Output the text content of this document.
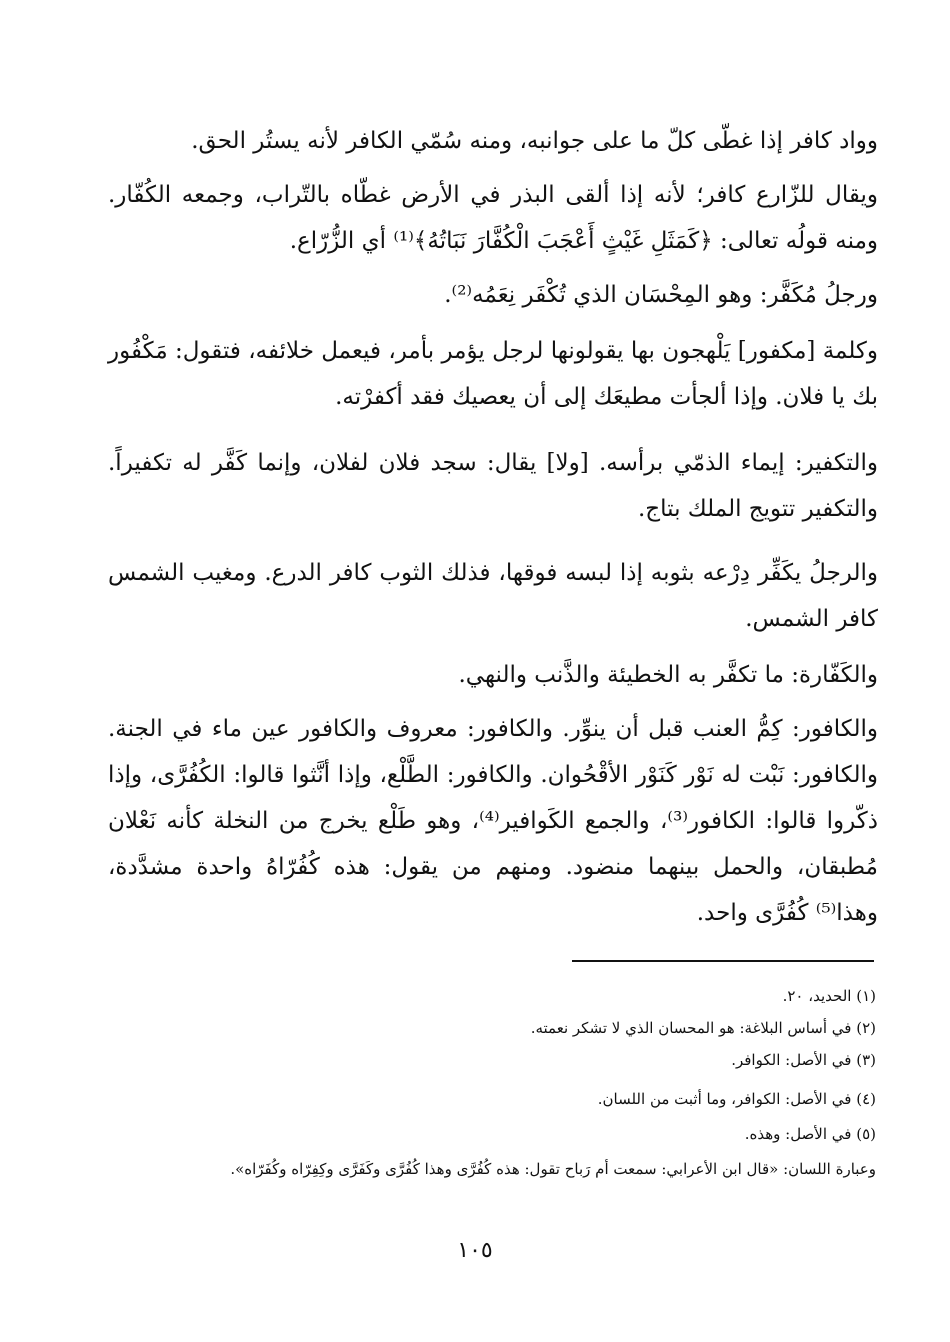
وواد كافر إذا غطّى كلّ ما على جوانبه، ومنه سُمّي الكافر لأنه يستُر الحق.

ويقال للزّارع كافر؛ لأنه إذا ألقى البذر في الأرض غطّاه بالتّراب، وجمعه الكُفّار. ومنه قولُه تعالى: ﴿كَمَثَلِ غَيْثٍ أَعْجَبَ الْكُفَّارَ نَبَاتُهُ﴾⁽¹⁾ أي الزُّرّاع.

ورجلُ مُكَفَّر: وهو المِحْسَان الذي تُكْفَر نِعَمُه⁽²⁾.

وكلمة [مكفور] يَلْهجون بها يقولونها لرجل يؤمر بأمر، فيعمل خلائفه، فتقول: مَكْفُور بك يا فلان. وإذا ألجأت مطيعَك إلى أن يعصيك فقد أكفرْته.

والتكفير: إيماء الذمّي برأسه. [ولا] يقال: سجد فلان لفلان، وإنما كَفَّر له تكفيراً. والتكفير تتويج الملك بتاج.

والرجلُ يكَفِّر دِرْعه بثوبه إذا لبسه فوقها، فذلك الثوب كافر الدرع. ومغيب الشمس كافر الشمس.

والكَفّارة: ما تكفَّر به الخطيئة والذَّنب والنهي.

والكافور: كِمُّ العنب قبل أن ينوِّر. والكافور: معروف والكافور عين ماء في الجنة. والكافور: نَبْت له نَوْر كَنَوْر الأقْحُوان. والكافور: الطَّلْع، وإذا أنَّثوا قالوا: الكُفُرَّى، وإذا ذكّروا قالوا: الكافور⁽³⁾، والجمع الكَوافير⁽⁴⁾، وهو طَلْع يخرج من النخلة كأنه نَعْلان مُطبقان، والحمل بينهما منضود. ومنهم من يقول: هذه كُفُرّاهُ واحدة مشدَّدة، وهذا⁽⁵⁾ كُفُرَّى واحد.

(١) الحديد، ٢٠.

(٢) في أساس البلاغة: هو المحسان الذي لا تشكر نعمته.

(٣) في الأصل: الكوافر.

(٤) في الأصل: الكوافر، وما أثبت من اللسان.

(٥) في الأصل: وهذه.

وعبارة اللسان: «قال ابن الأعرابي: سمعت أم رَباح تقول: هذه كُفُرَّى وهذا كُفُرَّى وكَفَرَّى وكِفِرّاه وكُفَرّاه».

١٠٥
